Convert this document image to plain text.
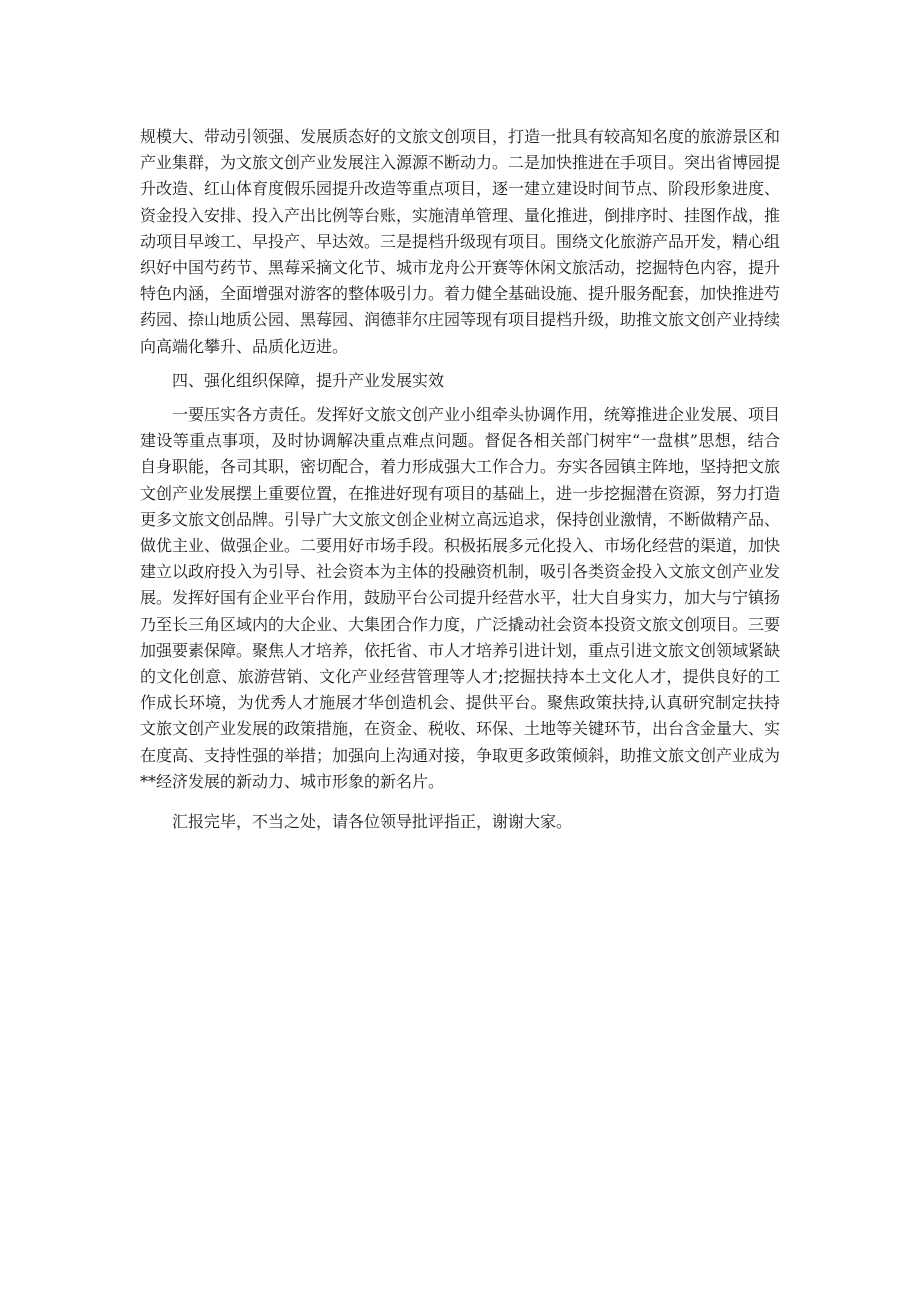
规模大、带动引领强、发展质态好的文旅文创项目，打造一批具有较高知名度的旅游景区和产业集群，为文旅文创产业发展注入源源不断动力。二是加快推进在手项目。突出省博园提升改造、红山体育度假乐园提升改造等重点项目，逐一建立建设时间节点、阶段形象进度、资金投入安排、投入产出比例等台账，实施清单管理、量化推进，倒排序时、挂图作战，推动项目早竣工、早投产、早达效。三是提档升级现有项目。围绕文化旅游产品开发，精心组织好中国芍药节、黑莓采摘文化节、城市龙舟公开赛等休闲文旅活动，挖掘特色内容，提升特色内涵，全面增强对游客的整体吸引力。着力健全基础设施、提升服务配套，加快推进芍药园、捺山地质公园、黑莓园、润德菲尔庄园等现有项目提档升级，助推文旅文创产业持续向高端化攀升、品质化迈进。

四、强化组织保障，提升产业发展实效

一要压实各方责任。发挥好文旅文创产业小组牵头协调作用，统筹推进企业发展、项目建设等重点事项，及时协调解决重点难点问题。督促各相关部门树牢“一盘棋”思想，结合自身职能，各司其职，密切配合，着力形成强大工作合力。夯实各园镇主阵地，坚持把文旅文创产业发展摆上重要位置，在推进好现有项目的基础上，进一步挖掘潜在资源，努力打造更多文旅文创品牌。引导广大文旅文创企业树立高远追求，保持创业激情，不断做精产品、做优主业、做强企业。二要用好市场手段。积极拓展多元化投入、市场化经营的渠道，加快建立以政府投入为引导、社会资本为主体的投融资机制，吸引各类资金投入文旅文创产业发展。发挥好国有企业平台作用，鼓励平台公司提升经营水平，壮大自身实力，加大与宁镇扬乃至长三角区域内的大企业、大集团合作力度，广泛撬动社会资本投资文旅文创项目。三要加强要素保障。聚焦人才培养，依托省、市人才培养引进计划，重点引进文旅文创领域紧缺的文化创意、旅游营销、文化产业经营管理等人才;挖掘扶持本土文化人才，提供良好的工作成长环境，为优秀人才施展才华创造机会、提供平台。聚焦政策扶持,认真研究制定扶持文旅文创产业发展的政策措施，在资金、税收、环保、土地等关键环节，出台含金量大、实在度高、支持性强的举措；加强向上沟通对接，争取更多政策倾斜，助推文旅文创产业成为**经济发展的新动力、城市形象的新名片。

汇报完毕，不当之处，请各位领导批评指正，谢谢大家。
